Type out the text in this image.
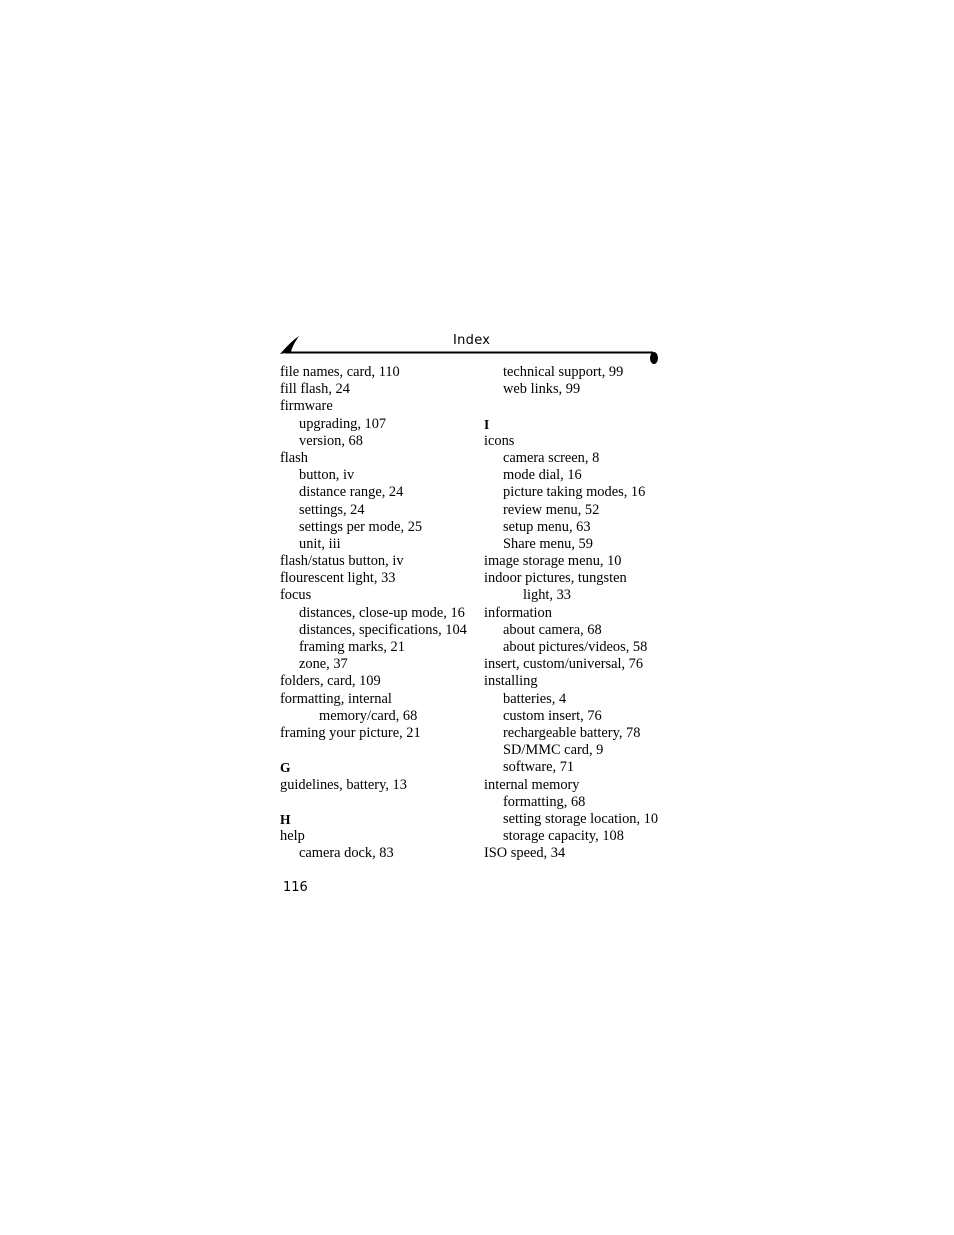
Index
file names, card, 110
fill flash, 24
firmware
upgrading, 107
version, 68
flash
button, iv
distance range, 24
settings, 24
settings per mode, 25
unit, iii
flash/status button, iv
flourescent light, 33
focus
distances, close-up mode, 16
distances, specifications, 104
framing marks, 21
zone, 37
folders, card, 109
formatting, internal
memory/card, 68
framing your picture, 21
G
guidelines, battery, 13
H
help
camera dock, 83
technical support, 99
web links, 99
I
icons
camera screen, 8
mode dial, 16
picture taking modes, 16
review menu, 52
setup menu, 63
Share menu, 59
image storage menu, 10
indoor pictures, tungsten
light, 33
information
about camera, 68
about pictures/videos, 58
insert, custom/universal, 76
installing
batteries, 4
custom insert, 76
rechargeable battery, 78
SD/MMC card, 9
software, 71
internal memory
formatting, 68
setting storage location, 10
storage capacity, 108
ISO speed, 34
116
